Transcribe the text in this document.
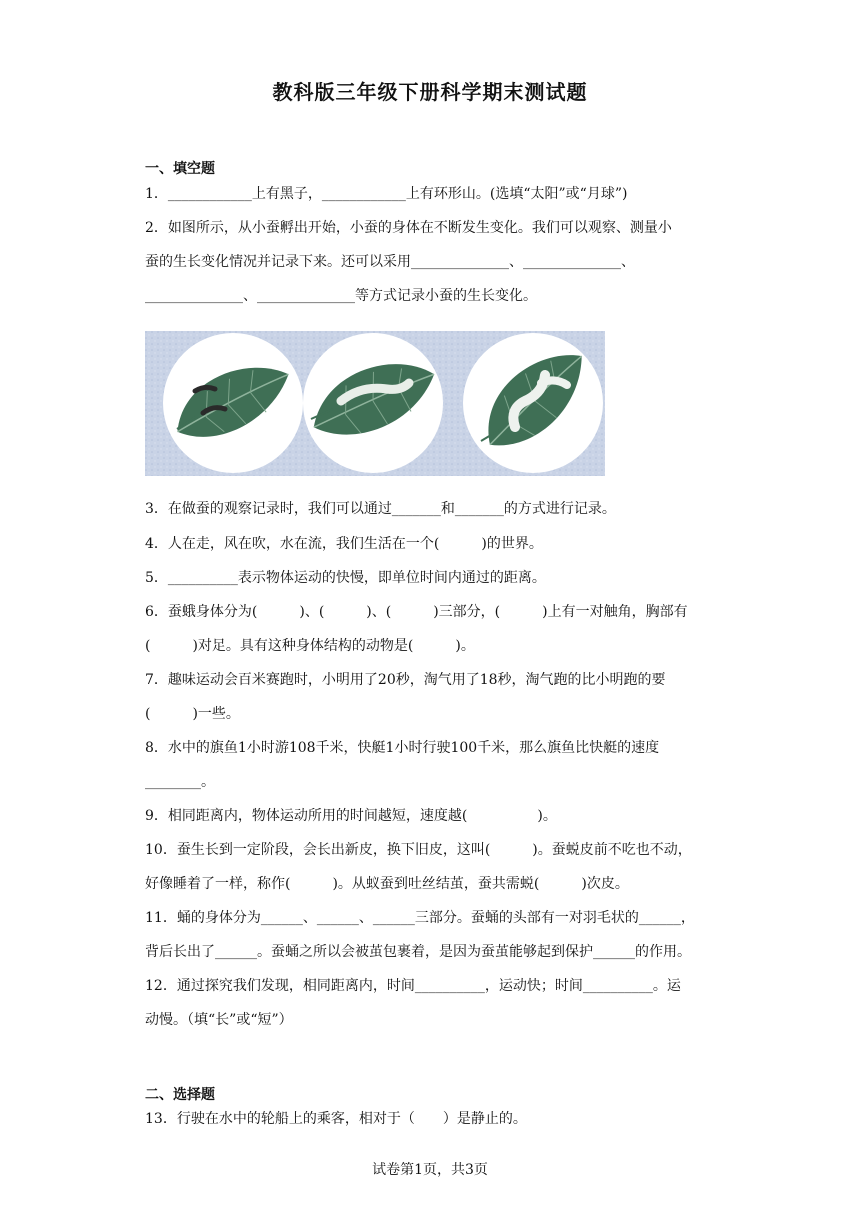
教科版三年级下册科学期末测试题
一、填空题
1．____________上有黑子，____________上有环形山。(选填“太阳”或“月球”)
2．如图所示，从小蚕孵出开始，小蚕的身体在不断发生变化。我们可以观察、测量小
蚕的生长变化情况并记录下来。还可以采用______________、______________、
______________、______________等方式记录小蚕的生长变化。
3．在做蚕的观察记录时，我们可以通过_______和_______的方式进行记录。
4．人在走，风在吹，水在流，我们生活在一个(　　　)的世界。
5．__________表示物体运动的快慢，即单位时间内通过的距离。
6．蚕蛾身体分为(　　　)、(　　　)、(　　　)三部分，(　　　)上有一对触角，胸部有
(　　　)对足。具有这种身体结构的动物是(　　　)。
7．趣味运动会百米赛跑时，小明用了20秒，淘气用了18秒，淘气跑的比小明跑的要
(　　　)一些。
8．水中的旗鱼1小时游108千米，快艇1小时行驶100千米，那么旗鱼比快艇的速度
________。
9．相同距离内，物体运动所用的时间越短，速度越(　　　　　)。
10．蚕生长到一定阶段，会长出新皮，换下旧皮，这叫(　　　)。蚕蜕皮前不吃也不动，
好像睡着了一样，称作(　　　)。从蚁蚕到吐丝结茧，蚕共需蜕(　　　)次皮。
11．蛹的身体分为______、______、______三部分。蚕蛹的头部有一对羽毛状的______，
背后长出了______。蚕蛹之所以会被茧包裹着，是因为蚕茧能够起到保护______的作用。
12．通过探究我们发现，相同距离内，时间__________，运动快；时间__________。运
动慢。（填“长”或“短”）
二、选择题
13．行驶在水中的轮船上的乘客，相对于（　　）是静止的。
试卷第1页，共3页
